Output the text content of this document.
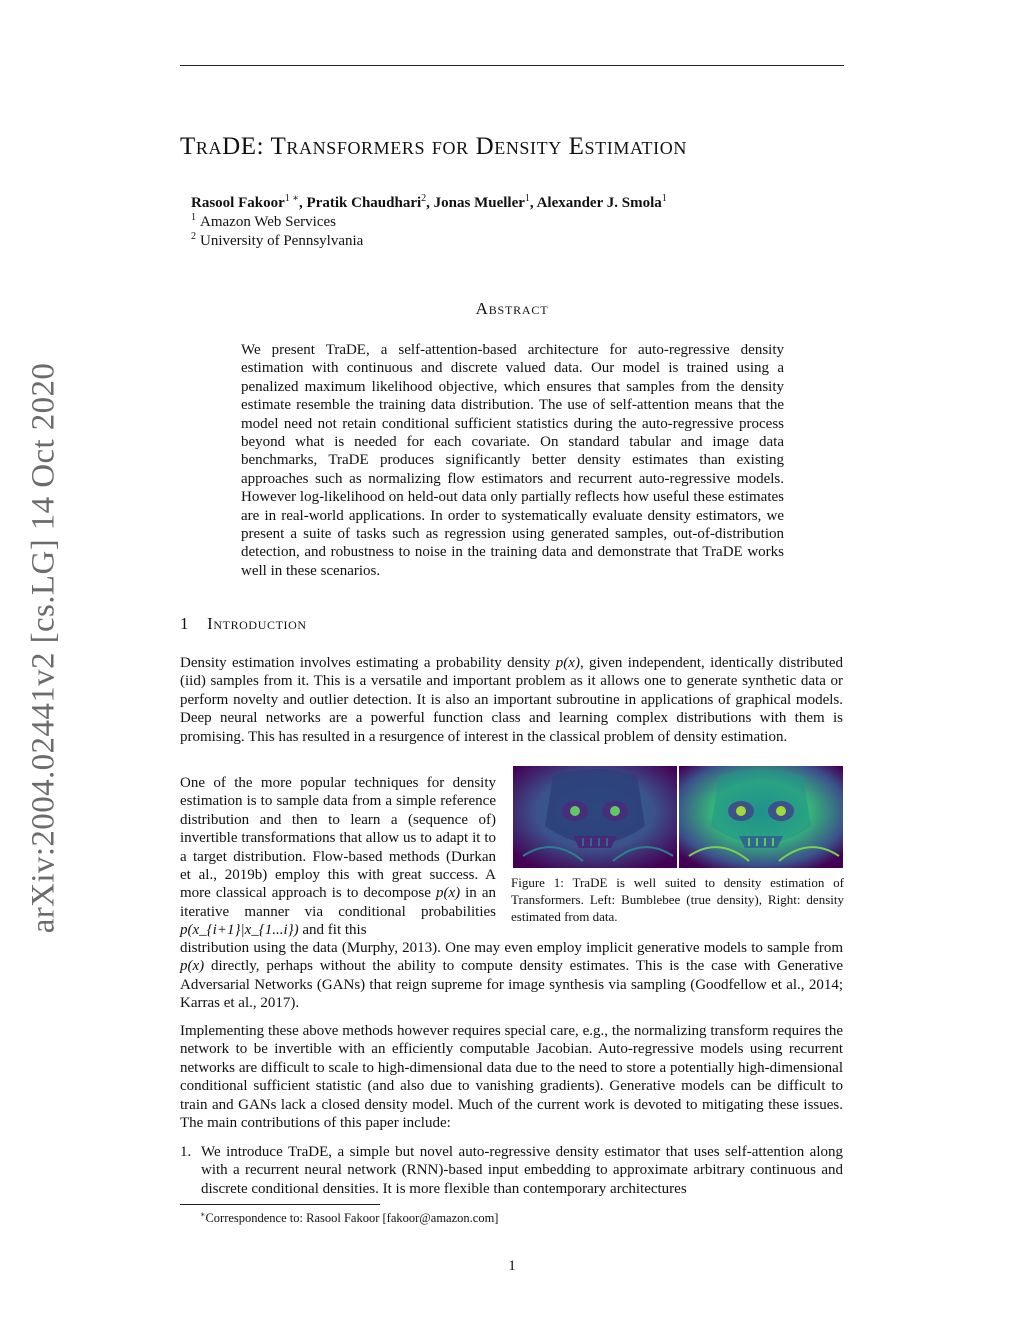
arXiv:2004.02441v2 [cs.LG] 14 Oct 2020
TraDE: Transformers for Density Estimation
Rasool Fakoor$^{1 ∗}$, Pratik Chaudhari$^2$, Jonas Mueller$^1$, Alexander J. Smola$^1$
$^1$ Amazon Web Services
$^2$ University of Pennsylvania
Abstract
We present TraDE, a self-attention-based architecture for auto-regressive density estimation with continuous and discrete valued data. Our model is trained using a penalized maximum likelihood objective, which ensures that samples from the density estimate resemble the training data distribution. The use of self-attention means that the model need not retain conditional sufficient statistics during the auto-regressive process beyond what is needed for each covariate. On standard tabular and image data benchmarks, TraDE produces significantly better density estimates than existing approaches such as normalizing flow estimators and recurrent auto-regressive models. However log-likelihood on held-out data only partially reflects how useful these estimates are in real-world applications. In order to systematically evaluate density estimators, we present a suite of tasks such as regression using generated samples, out-of-distribution detection, and robustness to noise in the training data and demonstrate that TraDE works well in these scenarios.
1 Introduction
Density estimation involves estimating a probability density p(x), given independent, identically distributed (iid) samples from it. This is a versatile and important problem as it allows one to generate synthetic data or perform novelty and outlier detection. It is also an important subroutine in applications of graphical models. Deep neural networks are a powerful function class and learning complex distributions with them is promising. This has resulted in a resurgence of interest in the classical problem of density estimation.
One of the more popular techniques for density estimation is to sample data from a simple reference distribution and then to learn a (sequence of) invertible transformations that allow us to adapt it to a target distribution. Flow-based methods (Durkan et al., 2019b) employ this with great success. A more classical approach is to decompose p(x) in an iterative manner via conditional probabilities p(x_{i+1}|x_{1...i}) and fit this
Figure 1: TraDE is well suited to density estimation of Transformers. Left: Bumblebee (true density), Right: density estimated from data.
distribution using the data (Murphy, 2013). One may even employ implicit generative models to sample from p(x) directly, perhaps without the ability to compute density estimates. This is the case with Generative Adversarial Networks (GANs) that reign supreme for image synthesis via sampling (Goodfellow et al., 2014; Karras et al., 2017).
Implementing these above methods however requires special care, e.g., the normalizing transform requires the network to be invertible with an efficiently computable Jacobian. Auto-regressive models using recurrent networks are difficult to scale to high-dimensional data due to the need to store a potentially high-dimensional conditional sufficient statistic (and also due to vanishing gradients). Generative models can be difficult to train and GANs lack a closed density model. Much of the current work is devoted to mitigating these issues. The main contributions of this paper include:
1. We introduce TraDE, a simple but novel auto-regressive density estimator that uses self-attention along with a recurrent neural network (RNN)-based input embedding to approximate arbitrary continuous and discrete conditional densities. It is more flexible than contemporary architectures
∗Correspondence to: Rasool Fakoor [fakoor@amazon.com]
1
